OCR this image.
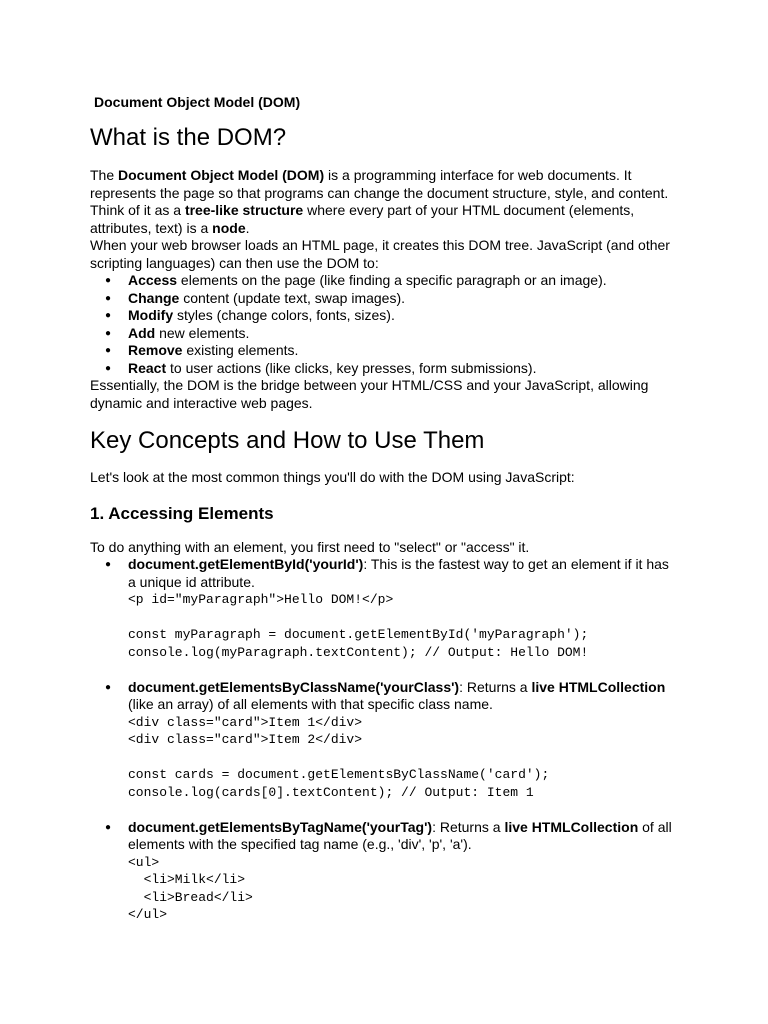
Document Object Model (DOM)

What is the DOM?

The Document Object Model (DOM) is a programming interface for web documents. It represents the page so that programs can change the document structure, style, and content. Think of it as a tree-like structure where every part of your HTML document (elements, attributes, text) is a node.

When your web browser loads an HTML page, it creates this DOM tree. JavaScript (and other scripting languages) can then use the DOM to:

● Access elements on the page (like finding a specific paragraph or an image).
● Change content (update text, swap images).
● Modify styles (change colors, fonts, sizes).
● Add new elements.
● Remove existing elements.
● React to user actions (like clicks, key presses, form submissions).

Essentially, the DOM is the bridge between your HTML/CSS and your JavaScript, allowing dynamic and interactive web pages.

Key Concepts and How to Use Them

Let's look at the most common things you'll do with the DOM using JavaScript:

1. Accessing Elements

To do anything with an element, you first need to "select" or "access" it.

● document.getElementById('yourId'): This is the fastest way to get an element if it has a unique id attribute.
<p id="myParagraph">Hello DOM!</p>

const myParagraph = document.getElementById('myParagraph');
console.log(myParagraph.textContent); // Output: Hello DOM!
● document.getElementsByClassName('yourClass'): Returns a live HTMLCollection (like an array) of all elements with that specific class name.
<div class="card">Item 1</div>
<div class="card">Item 2</div>

const cards = document.getElementsByClassName('card');
console.log(cards[0].textContent); // Output: Item 1
● document.getElementsByTagName('yourTag'): Returns a live HTMLCollection of all elements with the specified tag name (e.g., 'div', 'p', 'a').
<ul>
<li>Milk</li>
<li>Bread</li>
</ul>
